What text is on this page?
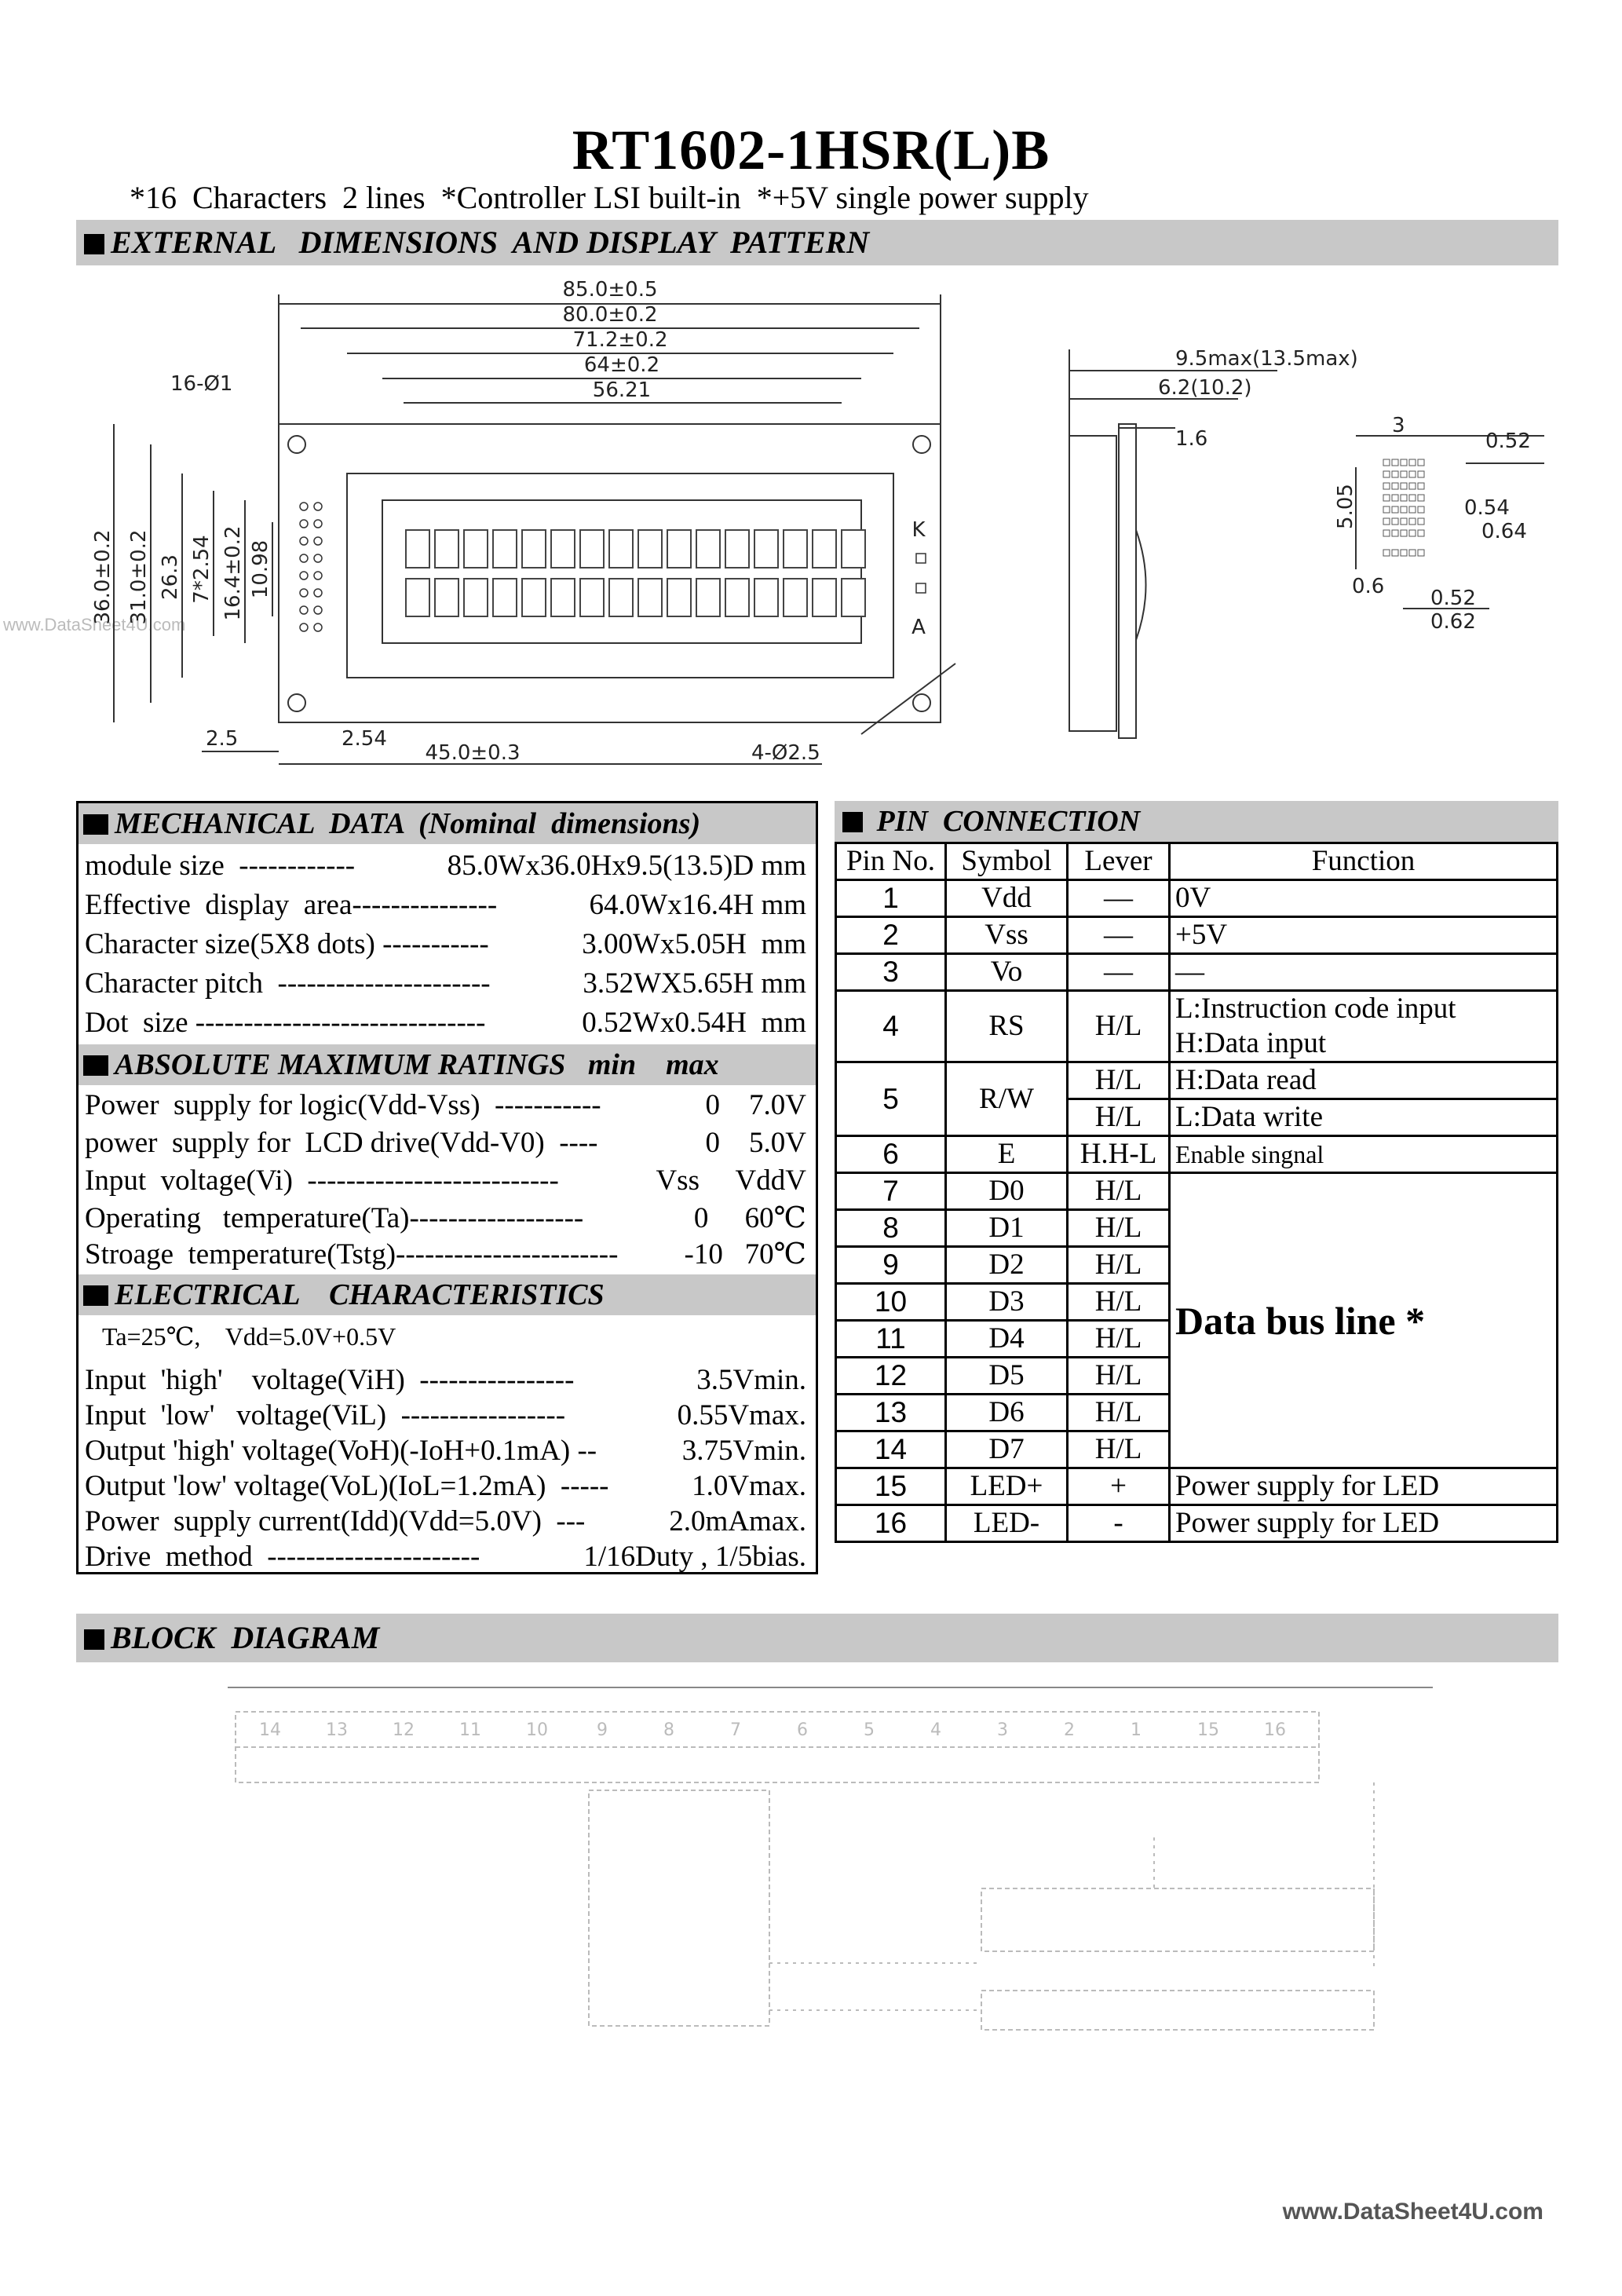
RT1602-1HSR(L)B
*16  Characters  2 lines  *Controller LSI built-in  *+5V single power supply
EXTERNAL   DIMENSIONS  AND DISPLAY  PATTERN
www.DataSheet4U.com
85.0±0.5
80.0±0.2
71.2±0.2
64±0.2
56.21
16-Ø1
36.0±0.2 31.0±0.2 26.3 7*2.54 16.4±0.2 10.98
2.5	2.54
45.0±0.3	4-Ø2.5
K
A
9.5max(13.5max)
6.2(10.2)
1.6
3
0.52
5.05	0.54
0.64
0.6 0.52
0.62
MECHANICAL  DATA  (Nominal  dimensions)
module size  ------------	85.0Wx36.0Hx9.5(13.5)D mm
Effective  display  area---------------	64.0Wx16.4H mm
Character size(5X8 dots) -----------	3.00Wx5.05H  mm
Character pitch  ----------------------	3.52WX5.65H mm
Dot  size ------------------------------	0.52Wx0.54H  mm
ABSOLUTE MAXIMUM RATINGS   min    max
Power  supply for logic(Vdd-Vss)  -----------	0    7.0V
power  supply for  LCD drive(Vdd-V0)  ----	0    5.0V
Input  voltage(Vi)  --------------------------	Vss     VddV
Operating   temperature(Ta)------------------	0     60℃
Stroage  temperature(Tstg)----------------------- -10   70℃
ELECTRICAL    CHARACTERISTICS
Ta=25℃,    Vdd=5.0V+0.5V
Input  'high'    voltage(ViH)  ----------------	3.5Vmin.
Input  'low'   voltage(ViL)  -----------------	0.55Vmax.
Output 'high' voltage(VoH)(-IoH+0.1mA) --	3.75Vmin.
Output 'low' voltage(VoL)(IoL=1.2mA)  -----	1.0Vmax.
Power  supply current(Idd)(Vdd=5.0V)  ---	2.0mAmax.
Drive  method  ----------------------	1/16Duty , 1/5bias.
PIN  CONNECTION
Pin No.	Symbol	Lever	Function
1	Vdd	—	0V
2	Vss	—	+5V
3	Vo	—	—
4	RS	H/L	L:Instruction code input
H:Data input

5	R/W	H/L	H:Data read
		H/L	L:Data write
6	E	H.H-L	Enable singnal
7	D0	H/L	Data bus line *
8	D1	H/L	
9	D2	H/L	
10	D3	H/L	
11	D4	H/L	
12	D5	H/L	
13	D6	H/L	
14	D7	H/L	
15	LED+	+	Power supply for LED
16	LED-	-	Power supply for LED
BLOCK  DIAGRAM
14	13	12	11	10	9	8	7	6	5	4	3	2	1	15	16
www.DataSheet4U.com
